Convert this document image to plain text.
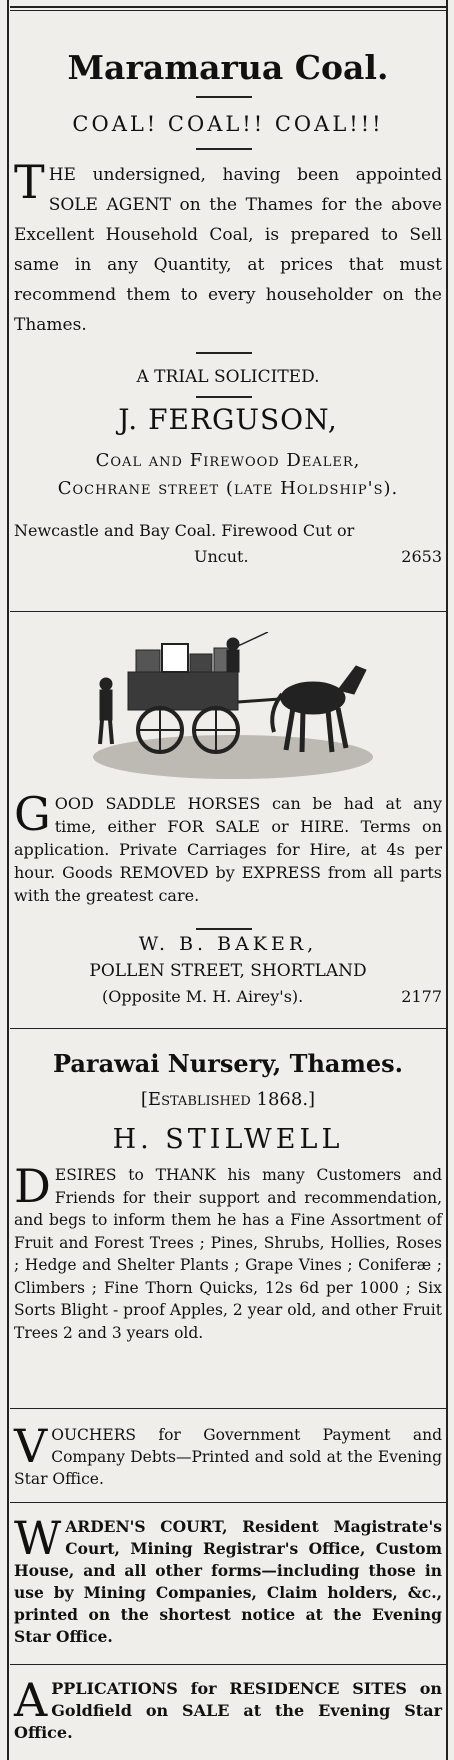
Maramarua Coal.
COAL! COAL!! COAL!!!
THE undersigned, having been appointed SOLE AGENT on the Thames for the above Excellent Household Coal, is prepared to Sell same in any Quantity, at prices that must recommend them to every householder on the Thames.
A TRIAL SOLICITED.
J. FERGUSON,
Coal and Firewood Dealer,
Cochrane street (late Holdship's).
Newcastle and Bay Coal. Firewood Cut or
Uncut.	2653
GOOD SADDLE HORSES can be had at any time, either FOR SALE or HIRE. Terms on application. Private Carriages for Hire, at 4s per hour. Goods REMOVED by EXPRESS from all parts with the greatest care.
W. B. BAKER,
POLLEN STREET, SHORTLAND
(Opposite M. H. Airey's).	2177
Parawai Nursery, Thames.
[Established 1868.]
H. STILWELL
DESIRES to THANK his many Customers and Friends for their support and recommendation, and begs to inform them he has a Fine Assortment of Fruit and Forest Trees ; Pines, Shrubs, Hollies, Roses ; Hedge and Shelter Plants ; Grape Vines ; Coniferæ ; Climbers ; Fine Thorn Quicks, 12s 6d per 1000 ; Six Sorts Blight - proof Apples, 2 year old, and other Fruit Trees 2 and 3 years old.
VOUCHERS for Government Payment and Company Debts—Printed and sold at the Evening Star Office.
WARDEN'S COURT, Resident Magistrate's Court, Mining Registrar's Office, Custom House, and all other forms—including those in use by Mining Companies, Claim holders, &c., printed on the shortest notice at the Evening Star Office.
APPLICATIONS for RESIDENCE SITES on Goldfield on SALE at the Evening Star Office.
